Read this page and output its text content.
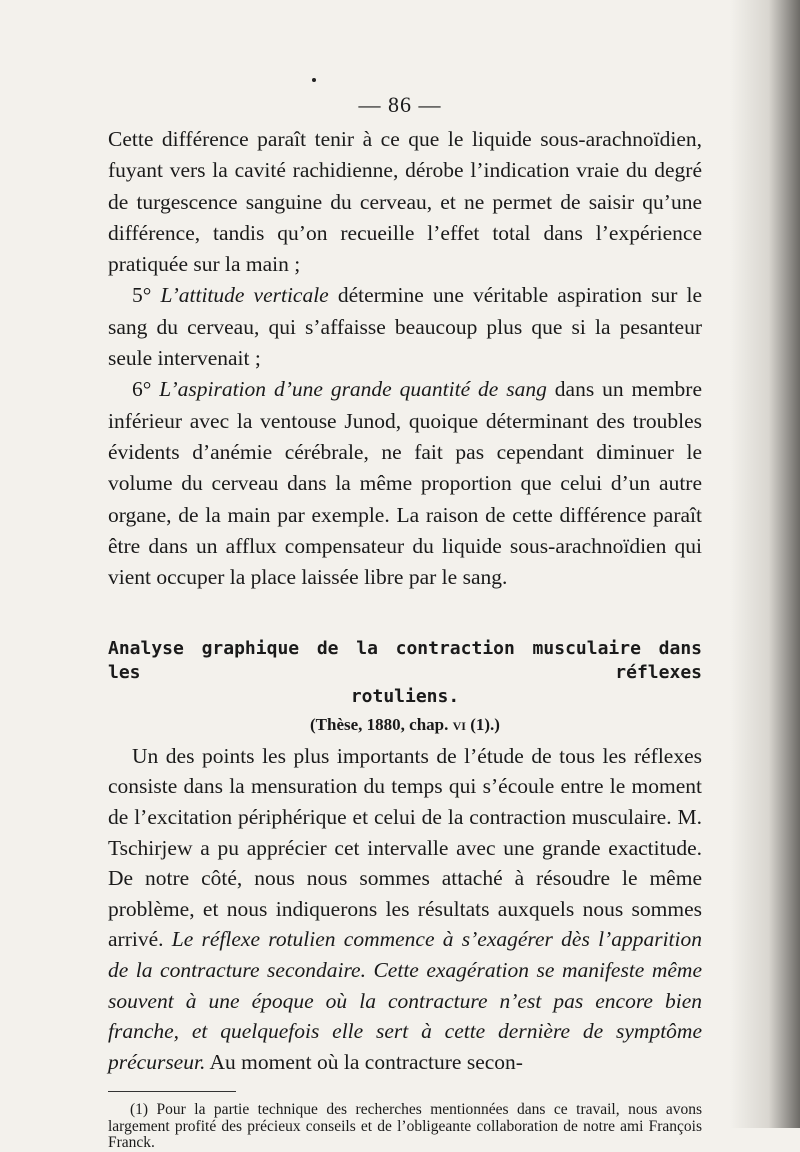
— 86 —

Cette différence paraît tenir à ce que le liquide sous-arachnoïdien, fuyant vers la cavité rachidienne, dérobe l’indication vraie du degré de turgescence sanguine du cerveau, et ne permet de saisir qu’une différence, tandis qu’on recueille l’effet total dans l’expérience pratiquée sur la main ;

5° L’attitude verticale détermine une véritable aspiration sur le sang du cerveau, qui s’affaisse beaucoup plus que si la pesanteur seule intervenait ;

6° L’aspiration d’une grande quantité de sang dans un membre inférieur avec la ventouse Junod, quoique déterminant des troubles évidents d’anémie cérébrale, ne fait pas cependant diminuer le volume du cerveau dans la même proportion que celui d’un autre organe, de la main par exemple. La raison de cette différence paraît être dans un afflux compensateur du liquide sous-arachnoïdien qui vient occuper la place laissée libre par le sang.

Analyse graphique de la contraction musculaire dans les réflexes

rotuliens.

(Thèse, 1880, chap. vi (1).)

Un des points les plus importants de l’étude de tous les réflexes consiste dans la mensuration du temps qui s’écoule entre le moment de l’excitation périphérique et celui de la contraction musculaire. M. Tschirjew a pu apprécier cet intervalle avec une grande exactitude. De notre côté, nous nous sommes attaché à résoudre le même problème, et nous indiquerons les résultats auxquels nous sommes arrivé. Le réflexe rotulien commence à s’exagérer dès l’apparition de la contracture secondaire. Cette exagération se manifeste même souvent à une époque où la contracture n’est pas encore bien franche, et quelquefois elle sert à cette dernière de symptôme précurseur. Au moment où la contracture secon-

(1) Pour la partie technique des recherches mentionnées dans ce travail, nous avons largement profité des précieux conseils et de l’obligeante collaboration de notre ami François Franck.
